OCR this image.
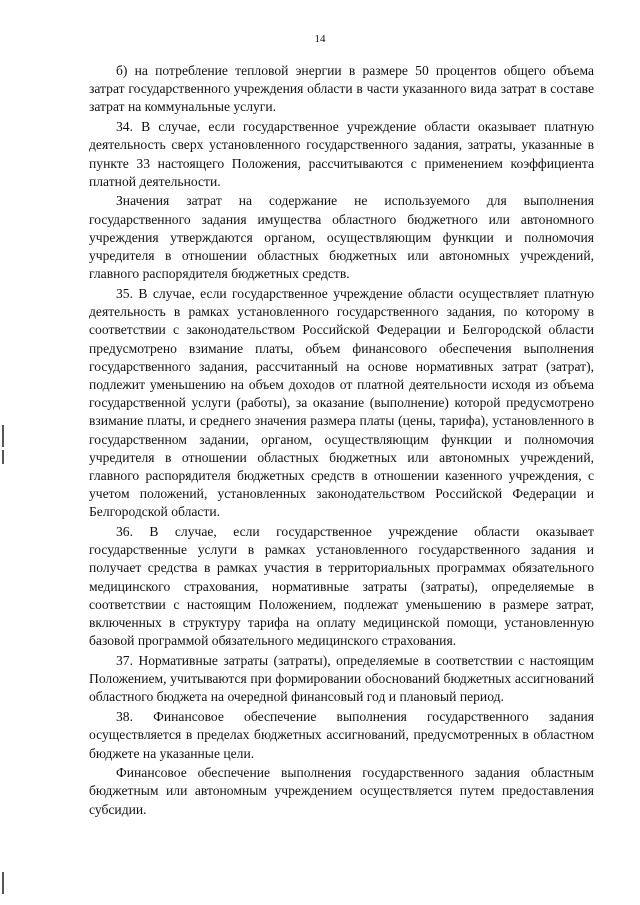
14

б) на потребление тепловой энергии в размере 50 процентов общего объема затрат государственного учреждения области в части указанного вида затрат в составе затрат на коммунальные услуги.

34. В случае, если государственное учреждение области оказывает платную деятельность сверх установленного государственного задания, затраты, указанные в пункте 33 настоящего Положения, рассчитываются с применением коэффициента платной деятельности.

Значения затрат на содержание не используемого для выполнения государственного задания имущества областного бюджетного или автономного учреждения утверждаются органом, осуществляющим функции и полномочия учредителя в отношении областных бюджетных или автономных учреждений, главного распорядителя бюджетных средств.

35. В случае, если государственное учреждение области осуществляет платную деятельность в рамках установленного государственного задания, по которому в соответствии с законодательством Российской Федерации и Белгородской области предусмотрено взимание платы, объем финансового обеспечения выполнения государственного задания, рассчитанный на основе нормативных затрат (затрат), подлежит уменьшению на объем доходов от платной деятельности исходя из объема государственной услуги (работы), за оказание (выполнение) которой предусмотрено взимание платы, и среднего значения размера платы (цены, тарифа), установленного в государственном задании, органом, осуществляющим функции и полномочия учредителя в отношении областных бюджетных или автономных учреждений, главного распорядителя бюджетных средств в отношении казенного учреждения, с учетом положений, установленных законодательством Российской Федерации и Белгородской области.

36. В случае, если государственное учреждение области оказывает государственные услуги в рамках установленного государственного задания и получает средства в рамках участия в территориальных программах обязательного медицинского страхования, нормативные затраты (затраты), определяемые в соответствии с настоящим Положением, подлежат уменьшению в размере затрат, включенных в структуру тарифа на оплату медицинской помощи, установленную базовой программой обязательного медицинского страхования.

37. Нормативные затраты (затраты), определяемые в соответствии с настоящим Положением, учитываются при формировании обоснований бюджетных ассигнований областного бюджета на очередной финансовый год и плановый период.

38. Финансовое обеспечение выполнения государственного задания осуществляется в пределах бюджетных ассигнований, предусмотренных в областном бюджете на указанные цели.

Финансовое обеспечение выполнения государственного задания областным бюджетным или автономным учреждением осуществляется путем предоставления субсидии.
